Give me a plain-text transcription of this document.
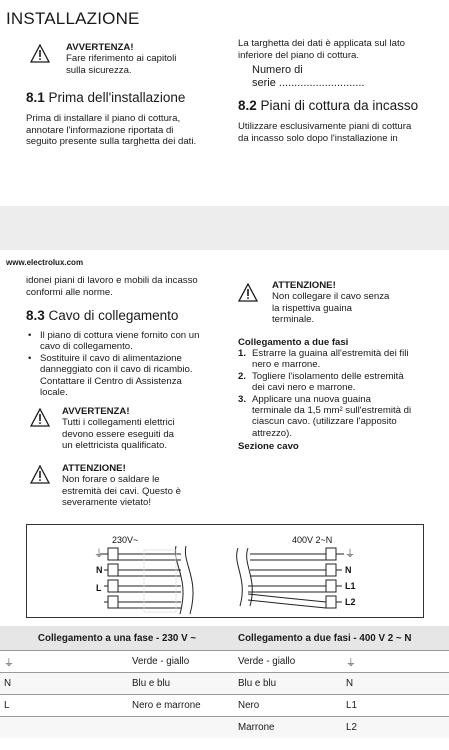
INSTALLAZIONE
AVVERTENZA!
Fare riferimento ai capitoli
sulla sicurezza.
8.1 Prima dell'installazione
Prima di installare il piano di cottura,
annotare l'informazione riportata di
seguito presente sulla targhetta dei dati.
La targhetta dei dati è applicata sul lato
inferiore del piano di cottura.
Numero di
serie ............................
8.2 Piani di cottura da incasso
Utilizzare esclusivamente piani di cottura
da incasso solo dopo l'installazione in
www.electrolux.com
idonei piani di lavoro e mobili da incasso
conformi alle norme.
8.3 Cavo di collegamento
• Il piano di cottura viene fornito con un
cavo di collegamento.
• Sostituire il cavo di alimentazione
danneggiato con il cavo di ricambio.
Contattare il Centro di Assistenza
locale.
AVVERTENZA!
Tutti i collegamenti elettrici
devono essere eseguiti da
un elettricista qualificato.
ATTENZIONE!
Non forare o saldare le
estremità dei cavi. Questo è
severamente vietato!
ATTENZIONE!
Non collegare il cavo senza
la rispettiva guaina
terminale.
Collegamento a due fasi
1. Estrarre la guaina all'estremità dei fili
nero e marrone.
2. Togliere l'isolamento delle estremità
dei cavi nero e marrone.
3. Applicare una nuova guaina
terminale da 1,5 mm² sull'estremità di
ciascun cavo. (utilizzare l'apposito
attrezzo).
Sezione cavo
230V~
⏚
N
L
400V 2~N
⏚
N
L1
L2
Collegamento a una fase - 230 V ~		Collegamento a due fasi - 400 V 2 ~ N	
⏚	Verde - giallo	Verde - giallo	⏚
N	Blu e blu	Blu e blu	N
L	Nero e marrone	Nero	L1
		Marrone	L2
